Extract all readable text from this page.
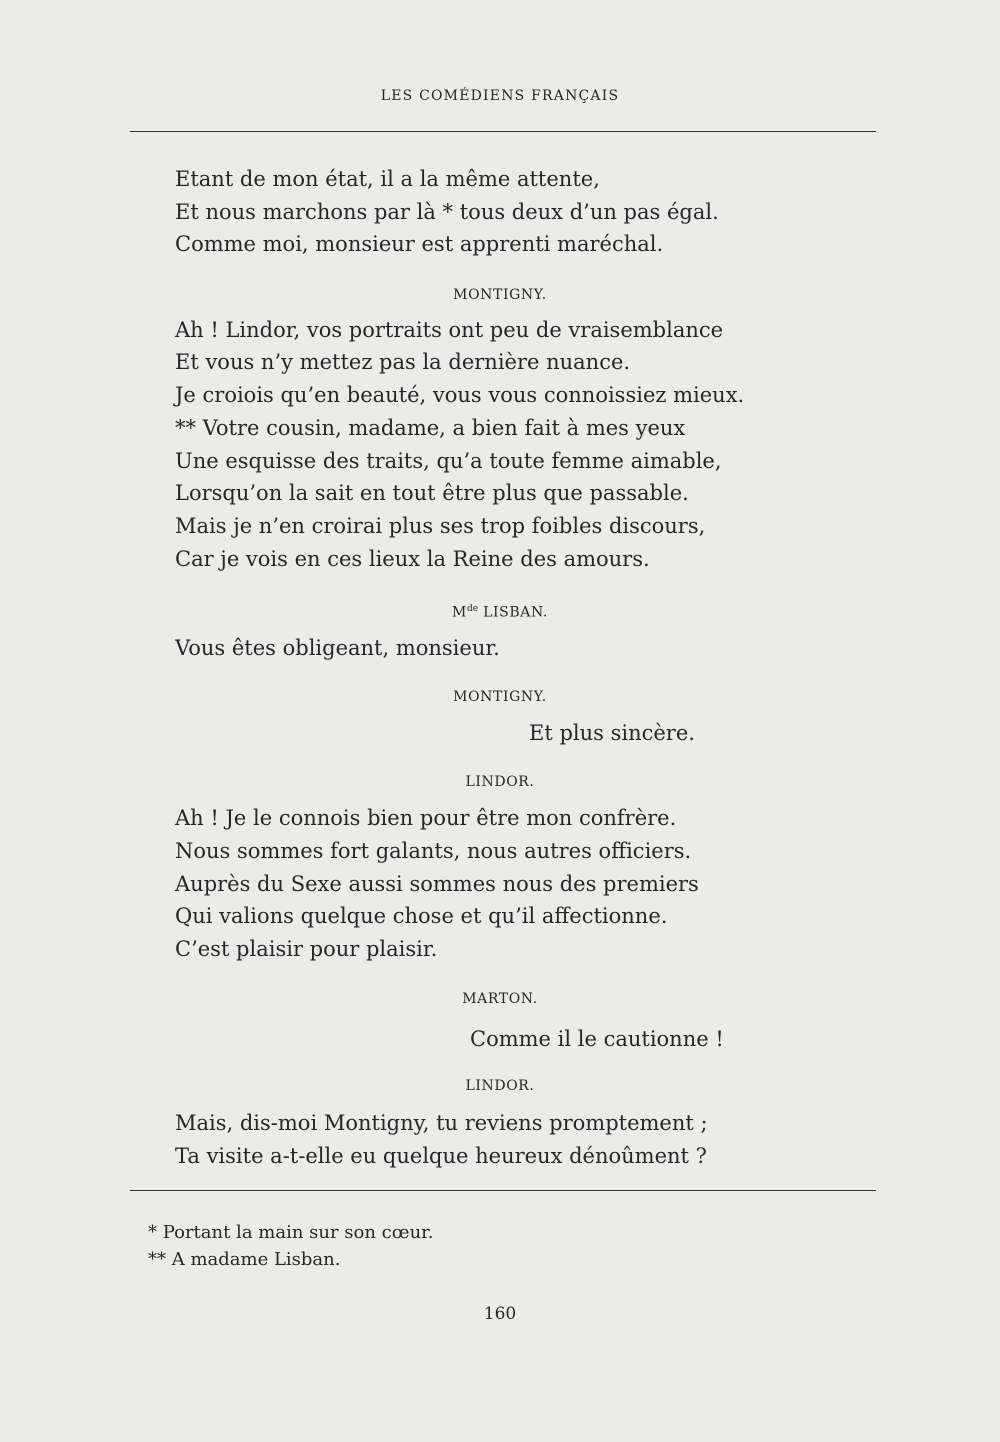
LES COMÉDIENS FRANÇAIS
Etant de mon état, il a la même attente,
Et nous marchons par là * tous deux d’un pas égal.
Comme moi, monsieur est apprenti maréchal.
MONTIGNY.
Ah ! Lindor, vos portraits ont peu de vraisemblance
Et vous n’y mettez pas la dernière nuance.
Je croiois qu’en beauté, vous vous connoissiez mieux.
** Votre cousin, madame, a bien fait à mes yeux
Une esquisse des traits, qu’a toute femme aimable,
Lorsqu’on la sait en tout être plus que passable.
Mais je n’en croirai plus ses trop foibles discours,
Car je vois en ces lieux la Reine des amours.
Mde LISBAN.
Vous êtes obligeant, monsieur.
MONTIGNY.
Et plus sincère.
LINDOR.
Ah ! Je le connois bien pour être mon confrère.
Nous sommes fort galants, nous autres officiers.
Auprès du Sexe aussi sommes nous des premiers
Qui valions quelque chose et qu’il affectionne.
C’est plaisir pour plaisir.
MARTON.
Comme il le cautionne !
LINDOR.
Mais, dis-moi Montigny, tu reviens promptement ;
Ta visite a-t-elle eu quelque heureux dénoûment ?
* Portant la main sur son cœur.
** A madame Lisban.
160
